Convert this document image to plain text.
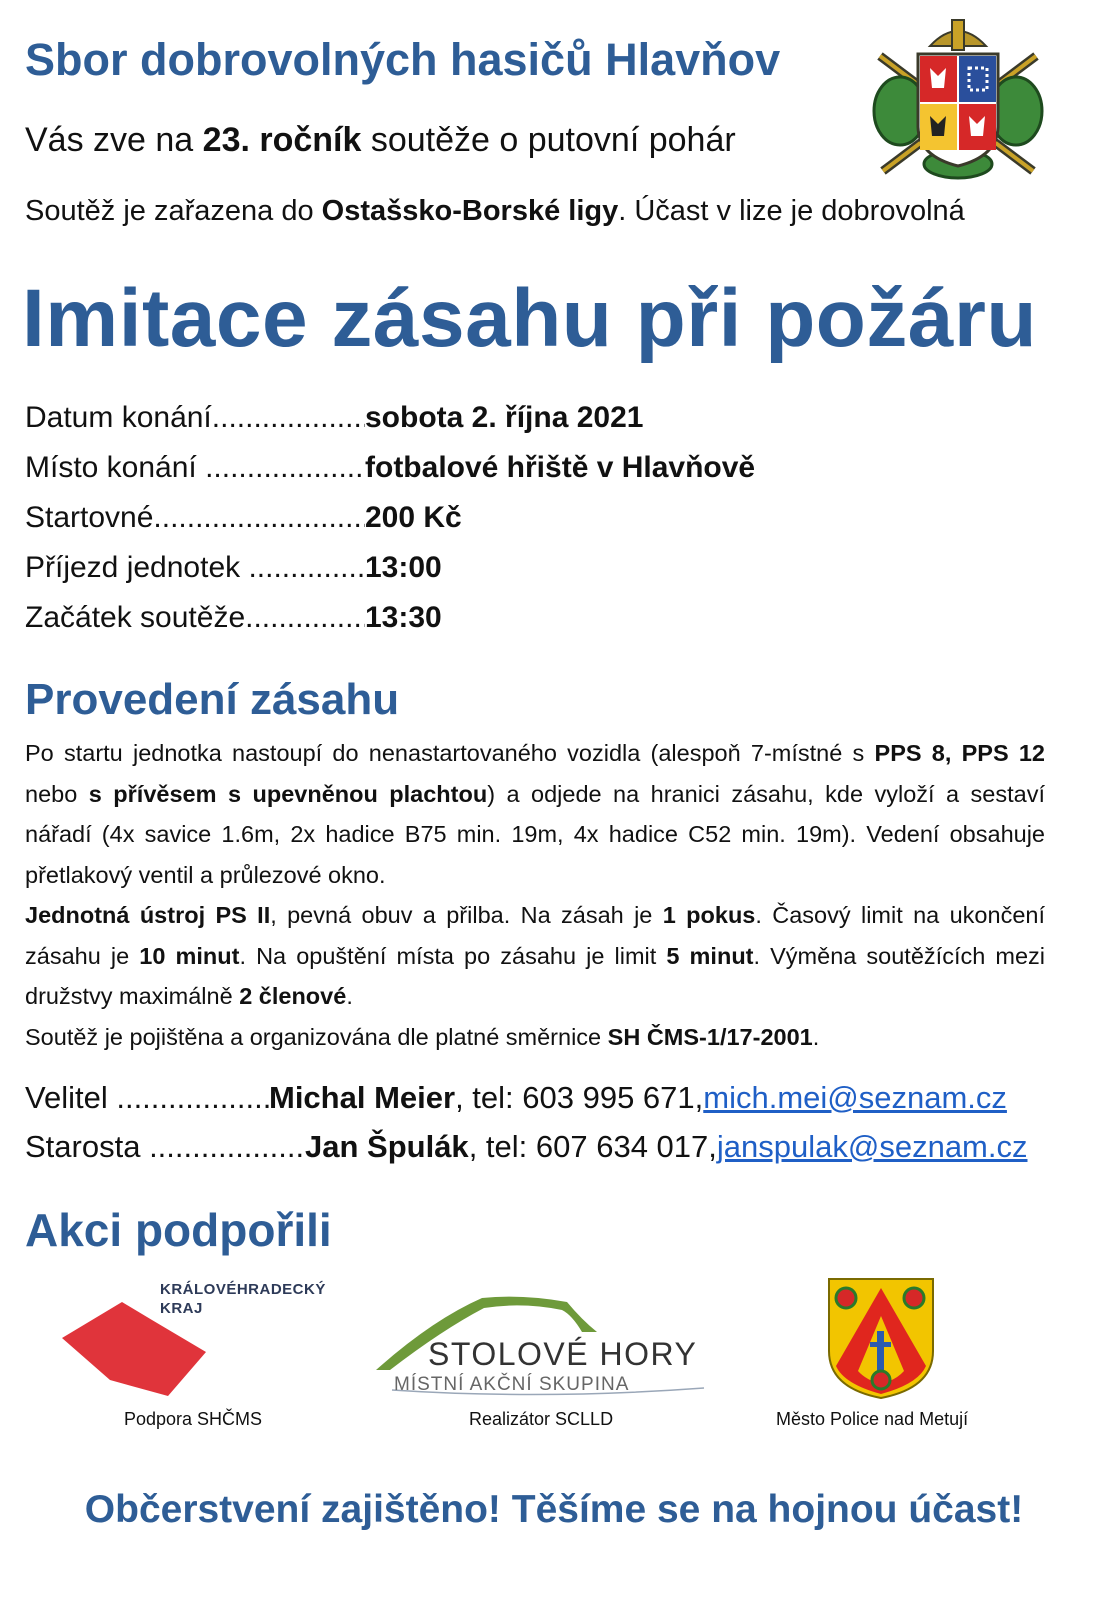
Sbor dobrovolných hasičů Hlavňov
Vás zve na 23. ročník soutěže o putovní pohár
Soutěž je zařazena do Ostašsko-Borské ligy. Účast v lize je dobrovolná
Imitace zásahu při požáru
Datum konání .....	sobota 2. října 2021
Místo konání .....	fotbalové hřiště v Hlavňově
Startovné .....	200 Kč
Příjezd jednotek .....	13:00
Začátek soutěže .....	13:30
Provedení zásahu

Po startu jednotka nastoupí do nenastartovaného vozidla (alespoň 7-místné s PPS 8, PPS 12 nebo s přívěsem s upevněnou plachtou) a odjede na hranici zásahu, kde vyloží a sestaví nářadí (4x savice 1.6m, 2x hadice B75 min. 19m, 4x hadice C52 min. 19m). Vedení obsahuje přetlakový ventil a průlezové okno.

Jednotná ústroj PS II, pevná obuv a přilba. Na zásah je 1 pokus. Časový limit na ukončení zásahu je 10 minut. Na opuštění místa po zásahu je limit 5 minut. Výměna soutěžících mezi družstvy maximálně 2 členové.

Soutěž je pojištěna a organizována dle platné směrnice SH ČMS-1/17-2001.

Velitel .....	Michal Meier , tel: 603 995 671, mich.mei@seznam.cz
Starosta .....	Jan Špulák , tel: 607 634 017, janspulak@seznam.cz
Akci podpořili
KRÁLOVÉHRADECKÝ
KRAJ
Podpora SHČMS
STOLOVÉ HORY
MÍSTNÍ AKČNÍ SKUPINA
Realizátor SCLLD	Město Police nad Metují
Občerstvení zajištěno! Těšíme se na hojnou účast!
